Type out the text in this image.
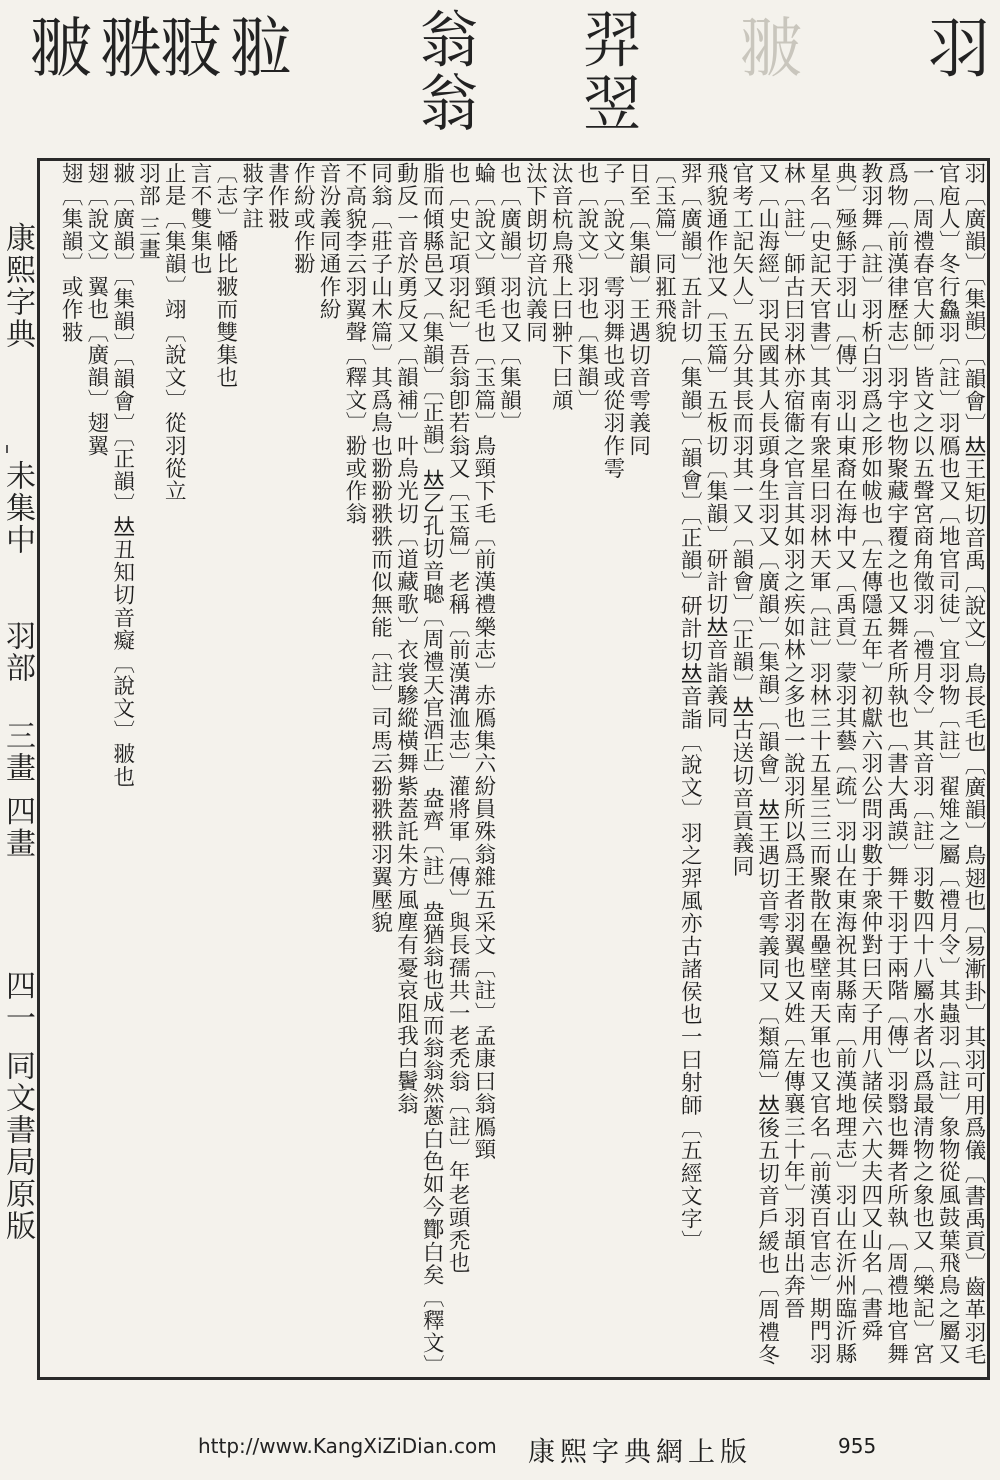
羽
翍
羿 翌
翁 翁
翄 翋
翍 翐
康熙字典
未集中
羽部
三畫 四畫
四一
同文書局原版
羽〔廣韻〕〔集韻〕〔韻會〕𠀤王矩切音禹〔說文〕鳥長毛也〔廣韻〕鳥翅也〔易漸卦〕其羽可用爲儀〔書禹貢〕齒革羽毛
官庖人〕冬行鱻羽〔註〕羽鴈也又〔地官司徒〕宜羽物〔註〕翟雉之屬〔禮月令〕其蟲羽〔註〕象物從風鼓葉飛鳥之屬又
一〔周禮春官大師〕皆文之以五聲宮商角徵羽〔禮月令〕其音羽〔註〕羽數四十八屬水者以爲最清物之象也又〔樂記〕宮
爲物〔前漢律歷志〕羽宇也物聚藏宇覆之也又舞者所執也〔書大禹謨〕舞干羽于兩階〔傳〕羽翳也舞者所執〔周禮地官舞
教羽舞〔註〕羽析白羽爲之形如帗也〔左傳隱五年〕初獻六羽公問羽數于衆仲對曰天子用八諸侯六大夫四又山名〔書舜
典〕殛鯀于羽山〔傳〕羽山東裔在海中又〔禹貢〕蒙羽其藝〔疏〕羽山在東海祝其縣南〔前漢地理志〕羽山在沂州臨沂縣
星名〔史記天官書〕其南有衆星曰羽林天軍〔註〕羽林三十五星三三而聚散在壘壁南天軍也又官名〔前漢百官志〕期門羽
林〔註〕師古曰羽林亦宿衞之官言其如羽之疾如林之多也一說羽所以爲王者羽翼也又姓〔左傳襄三十年〕羽頡出奔晉
又〔山海經〕羽民國其人長頭身生羽又〔廣韻〕〔集韻〕〔韻會〕𠀤王遇切音雩義同又〔類篇〕𠀤後五切音戶緩也〔周禮冬
官考工記矢人〕五分其長而羽其一又〔韻會〕〔正韻〕𠀤古送切音貢義同
飛貌通作池又〔玉篇〕五板切〔集韻〕研計切𠀤音詣義同
羿〔廣韻〕五計切〔集韻〕〔韻會〕〔正韻〕研計切𠀤音詣〔說文〕羽之羿風亦古諸侯也一曰射師〔五經文字〕
〔玉篇〕同羾飛貌
日至〔集韻〕王遇切音雩義同
子〔說文〕雩羽舞也或從羽作雩
也〔說文〕羽也〔集韻〕
汰音杭鳥飛上曰翀下曰頏
汰下朗切音沆義同
也〔廣韻〕羽也又〔集韻〕
蜦〔說文〕頸毛也〔玉篇〕鳥頸下毛〔前漢禮樂志〕赤鴈集六紛員殊翁雜五采文〔註〕孟康曰翁鴈頸
也〔史記項羽紀〕吾翁卽若翁又〔玉篇〕老稱〔前漢溝洫志〕灌將軍〔傳〕與長孺共一老禿翁〔註〕年老頭禿也
脂而傾縣邑又〔集韻〕〔正韻〕𠀤乙孔切音聰〔周禮天官酒正〕盎齊〔註〕盎猶翁也成而翁翁然蔥白色如今酇白矣〔釋文〕
動反一音於勇反又〔韻補〕叶烏光切〔道藏歌〕衣裳驂縱橫舞紫蓋託朱方風塵有憂哀阻我白鬢翁
同翁〔莊子山木篇〕其爲鳥也翂翂翐翐而似無能〔註〕司馬云翂翐翐羽翼壓貌
不高貌李云羽翼聲〔釋文〕翂或作翁
音汾義同通作紛
作紛或作翂
書作翄
翄字註
〔志〕幡比翍而雙集也
言不雙集也
止是〔集韻〕翊〔說文〕從羽從立
羽部 三畫
翍〔廣韻〕〔集韻〕〔韻會〕〔正韻〕𠀤丑知切音癡〔說文〕翍也
翅〔說文〕翼也〔廣韻〕翅翼
翅〔集韻〕或作翄
http://www.KangXiZiDian.com 康熙字典網上版	955
